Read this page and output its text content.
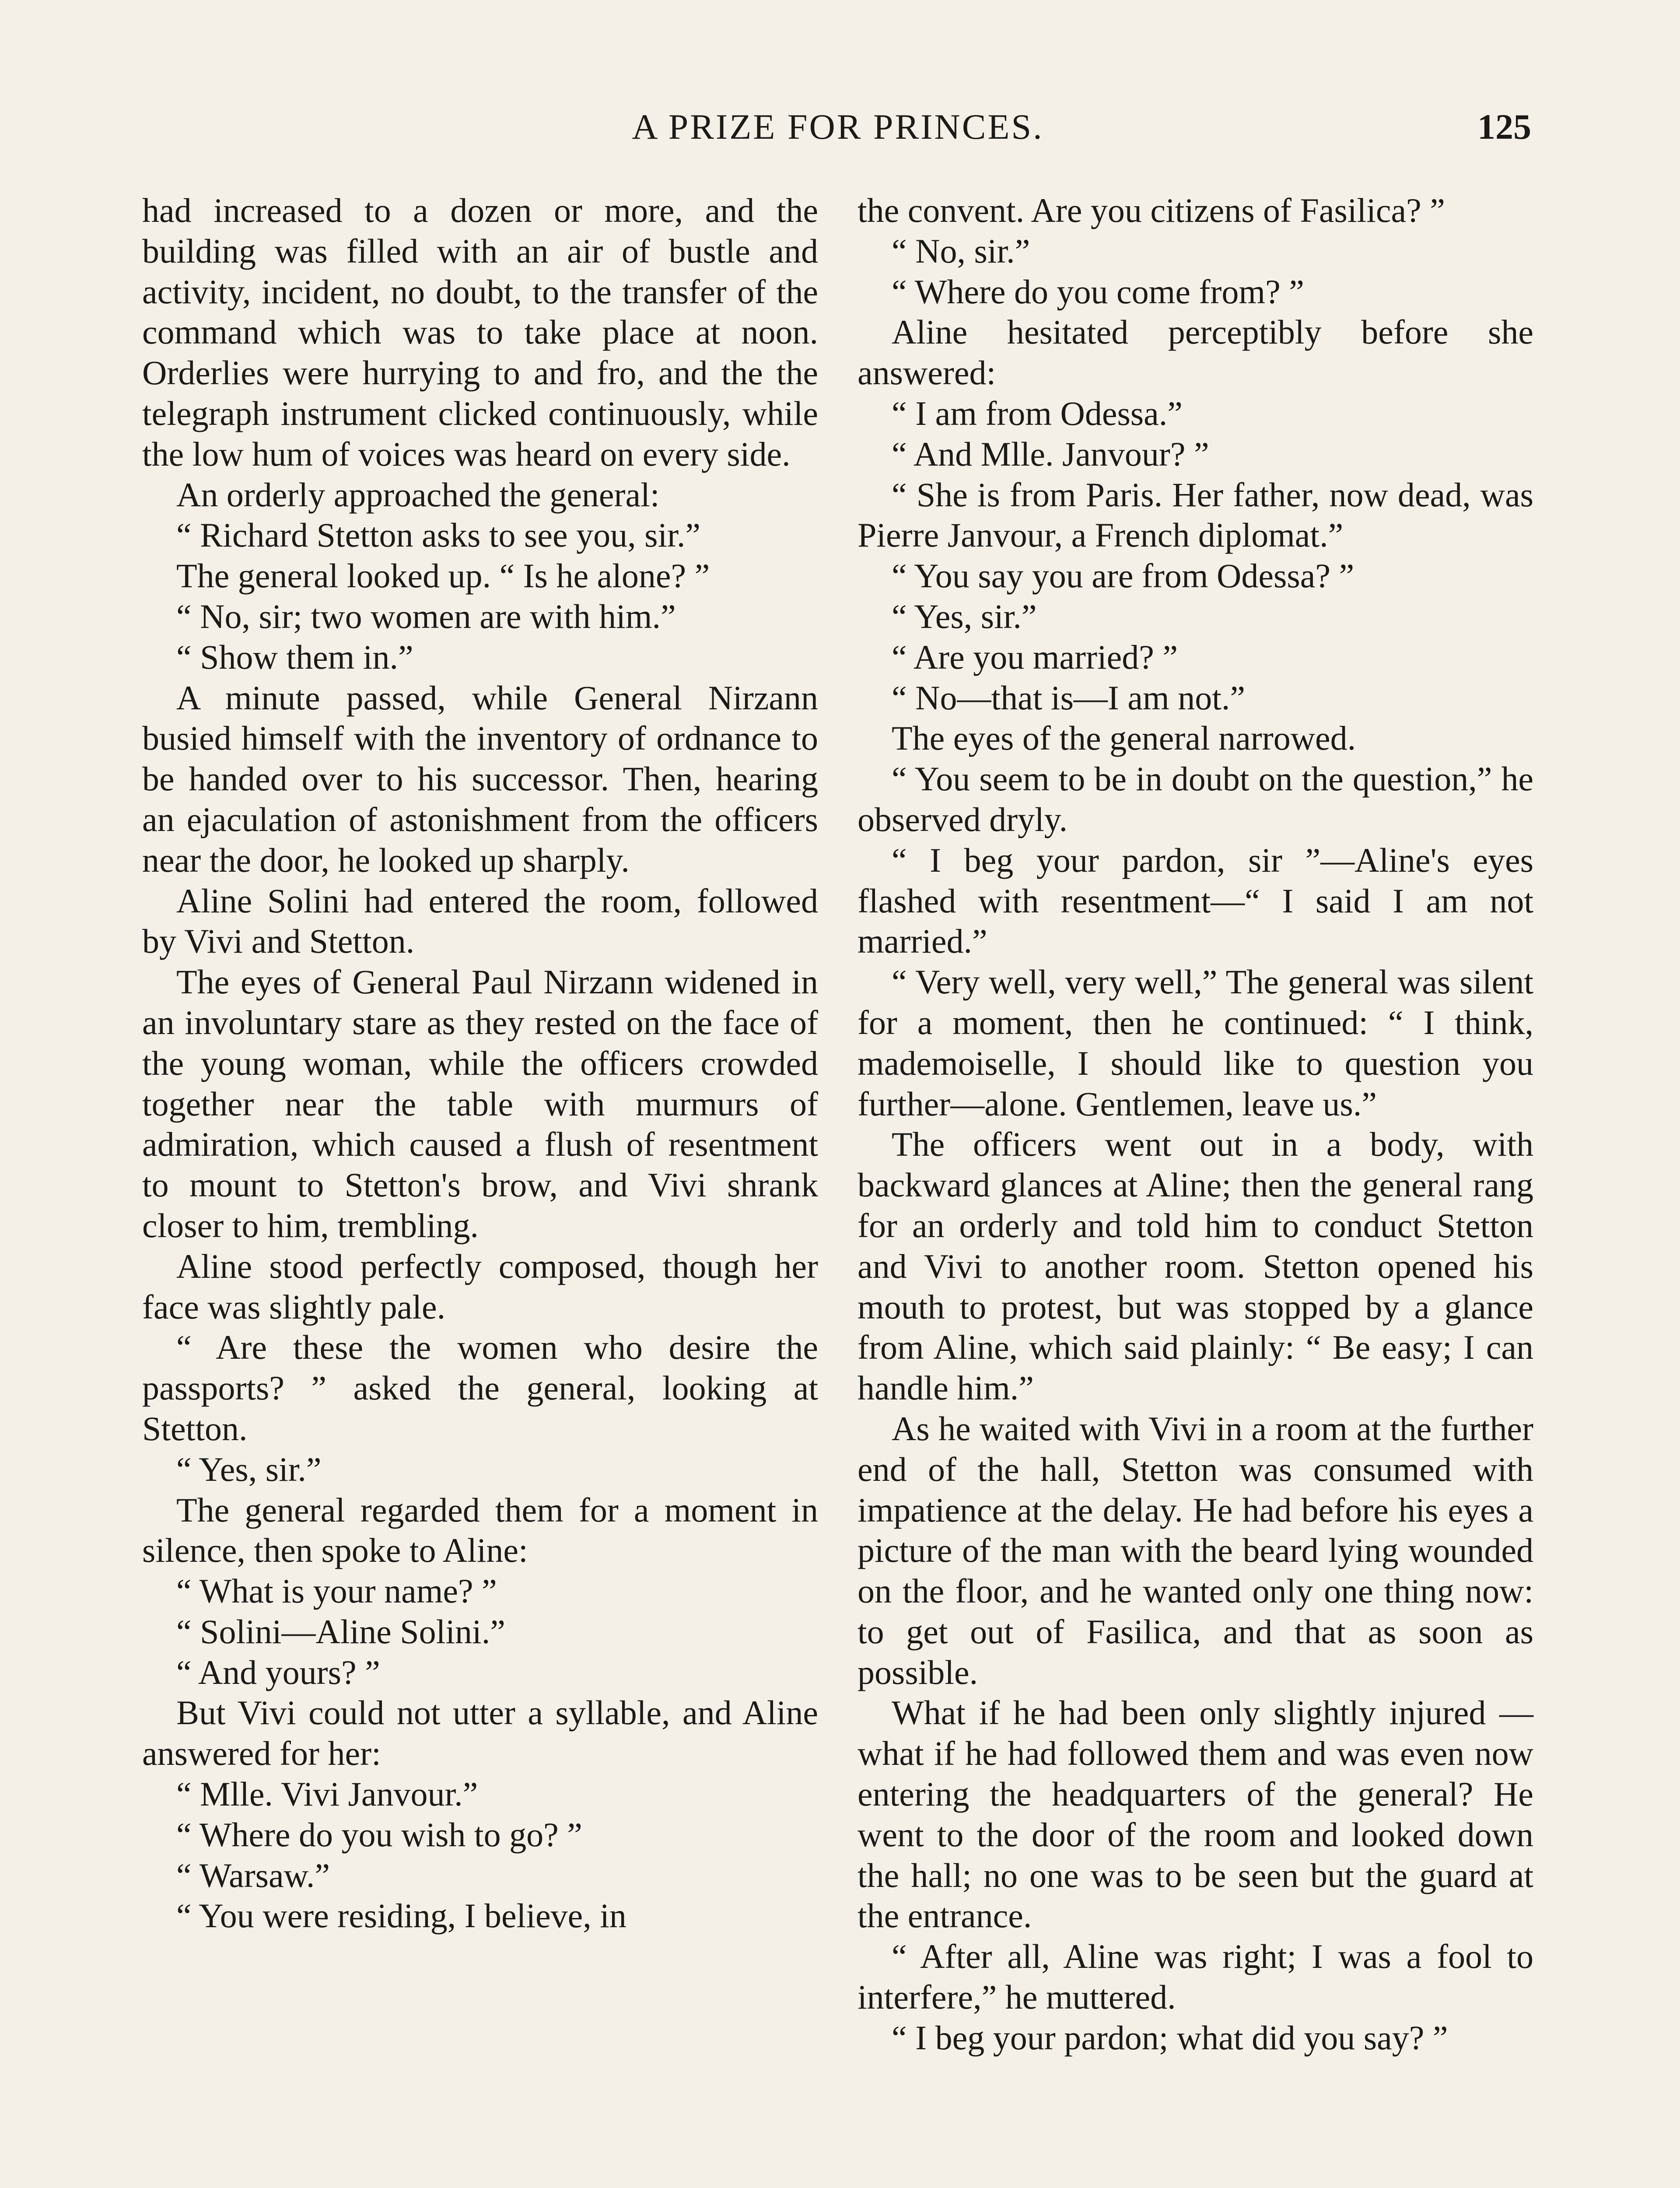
A PRIZE FOR PRINCES.	125

had increased to a dozen or more, and the building was filled with an air of bustle and activity, incident, no doubt, to the transfer of the command which was to take place at noon. Orderlies were hurrying to and fro, and the the telegraph instrument clicked continuously, while the low hum of voices was heard on every side.

An orderly approached the general:

“ Richard Stetton asks to see you, sir.”

The general looked up. “ Is he alone? ”

“ No, sir; two women are with him.”

“ Show them in.”

A minute passed, while General Nirzann busied himself with the inventory of ordnance to be handed over to his successor. Then, hearing an ejaculation of astonishment from the officers near the door, he looked up sharply.

Aline Solini had entered the room, followed by Vivi and Stetton.

The eyes of General Paul Nirzann widened in an involuntary stare as they rested on the face of the young woman, while the officers crowded together near the table with murmurs of admiration, which caused a flush of resentment to mount to Stetton's brow, and Vivi shrank closer to him, trembling.

Aline stood perfectly composed, though her face was slightly pale.

“ Are these the women who desire the passports? ” asked the general, looking at Stetton.

“ Yes, sir.”

The general regarded them for a moment in silence, then spoke to Aline:

“ What is your name? ”

“ Solini—Aline Solini.”

“ And yours? ”

But Vivi could not utter a syllable, and Aline answered for her:

“ Mlle. Vivi Janvour.”

“ Where do you wish to go? ”

“ Warsaw.”

“ You were residing, I believe, in

the convent. Are you citizens of Fasilica? ”

“ No, sir.”

“ Where do you come from? ”

Aline hesitated perceptibly before she answered:

“ I am from Odessa.”

“ And Mlle. Janvour? ”

“ She is from Paris. Her father, now dead, was Pierre Janvour, a French diplomat.”

“ You say you are from Odessa? ”

“ Yes, sir.”

“ Are you married? ”

“ No—that is—I am not.”

The eyes of the general narrowed.

“ You seem to be in doubt on the question,” he observed dryly.

“ I beg your pardon, sir ”—Aline's eyes flashed with resentment—“ I said I am not married.”

“ Very well, very well,” The general was silent for a moment, then he continued: “ I think, mademoiselle, I should like to question you further—alone. Gentlemen, leave us.”

The officers went out in a body, with backward glances at Aline; then the general rang for an orderly and told him to conduct Stetton and Vivi to another room. Stetton opened his mouth to protest, but was stopped by a glance from Aline, which said plainly: “ Be easy; I can handle him.”

As he waited with Vivi in a room at the further end of the hall, Stetton was consumed with impatience at the delay. He had before his eyes a picture of the man with the beard lying wounded on the floor, and he wanted only one thing now: to get out of Fasilica, and that as soon as possible.

What if he had been only slightly injured — what if he had followed them and was even now entering the headquarters of the general? He went to the door of the room and looked down the hall; no one was to be seen but the guard at the entrance.

“ After all, Aline was right; I was a fool to interfere,” he muttered.

“ I beg your pardon; what did you say? ”
